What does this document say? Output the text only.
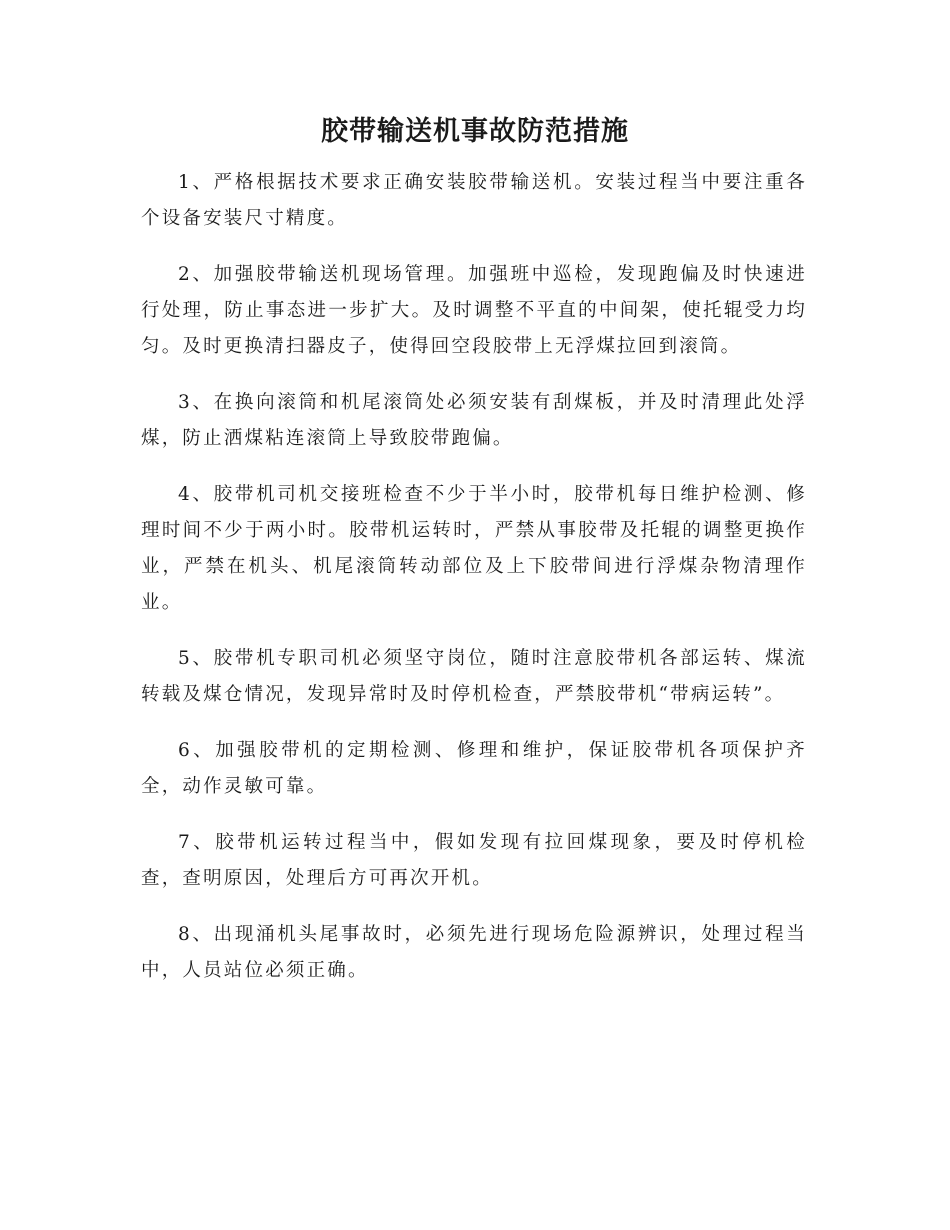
胶带输送机事故防范措施

1、严格根据技术要求正确安装胶带输送机。安装过程当中要注重各个设备安装尺寸精度。

2、加强胶带输送机现场管理。加强班中巡检，发现跑偏及时快速进行处理，防止事态进一步扩大。及时调整不平直的中间架，使托辊受力均匀。及时更换清扫器皮子，使得回空段胶带上无浮煤拉回到滚筒。

3、在换向滚筒和机尾滚筒处必须安装有刮煤板，并及时清理此处浮煤，防止洒煤粘连滚筒上导致胶带跑偏。

4、胶带机司机交接班检查不少于半小时，胶带机每日维护检测、修理时间不少于两小时。胶带机运转时，严禁从事胶带及托辊的调整更换作业，严禁在机头、机尾滚筒转动部位及上下胶带间进行浮煤杂物清理作业。

5、胶带机专职司机必须坚守岗位，随时注意胶带机各部运转、煤流转载及煤仓情况，发现异常时及时停机检查，严禁胶带机“带病运转”。

6、加强胶带机的定期检测、修理和维护，保证胶带机各项保护齐全，动作灵敏可靠。

7、胶带机运转过程当中，假如发现有拉回煤现象，要及时停机检查，查明原因，处理后方可再次开机。

8、出现涌机头尾事故时，必须先进行现场危险源辨识，处理过程当中，人员站位必须正确。
